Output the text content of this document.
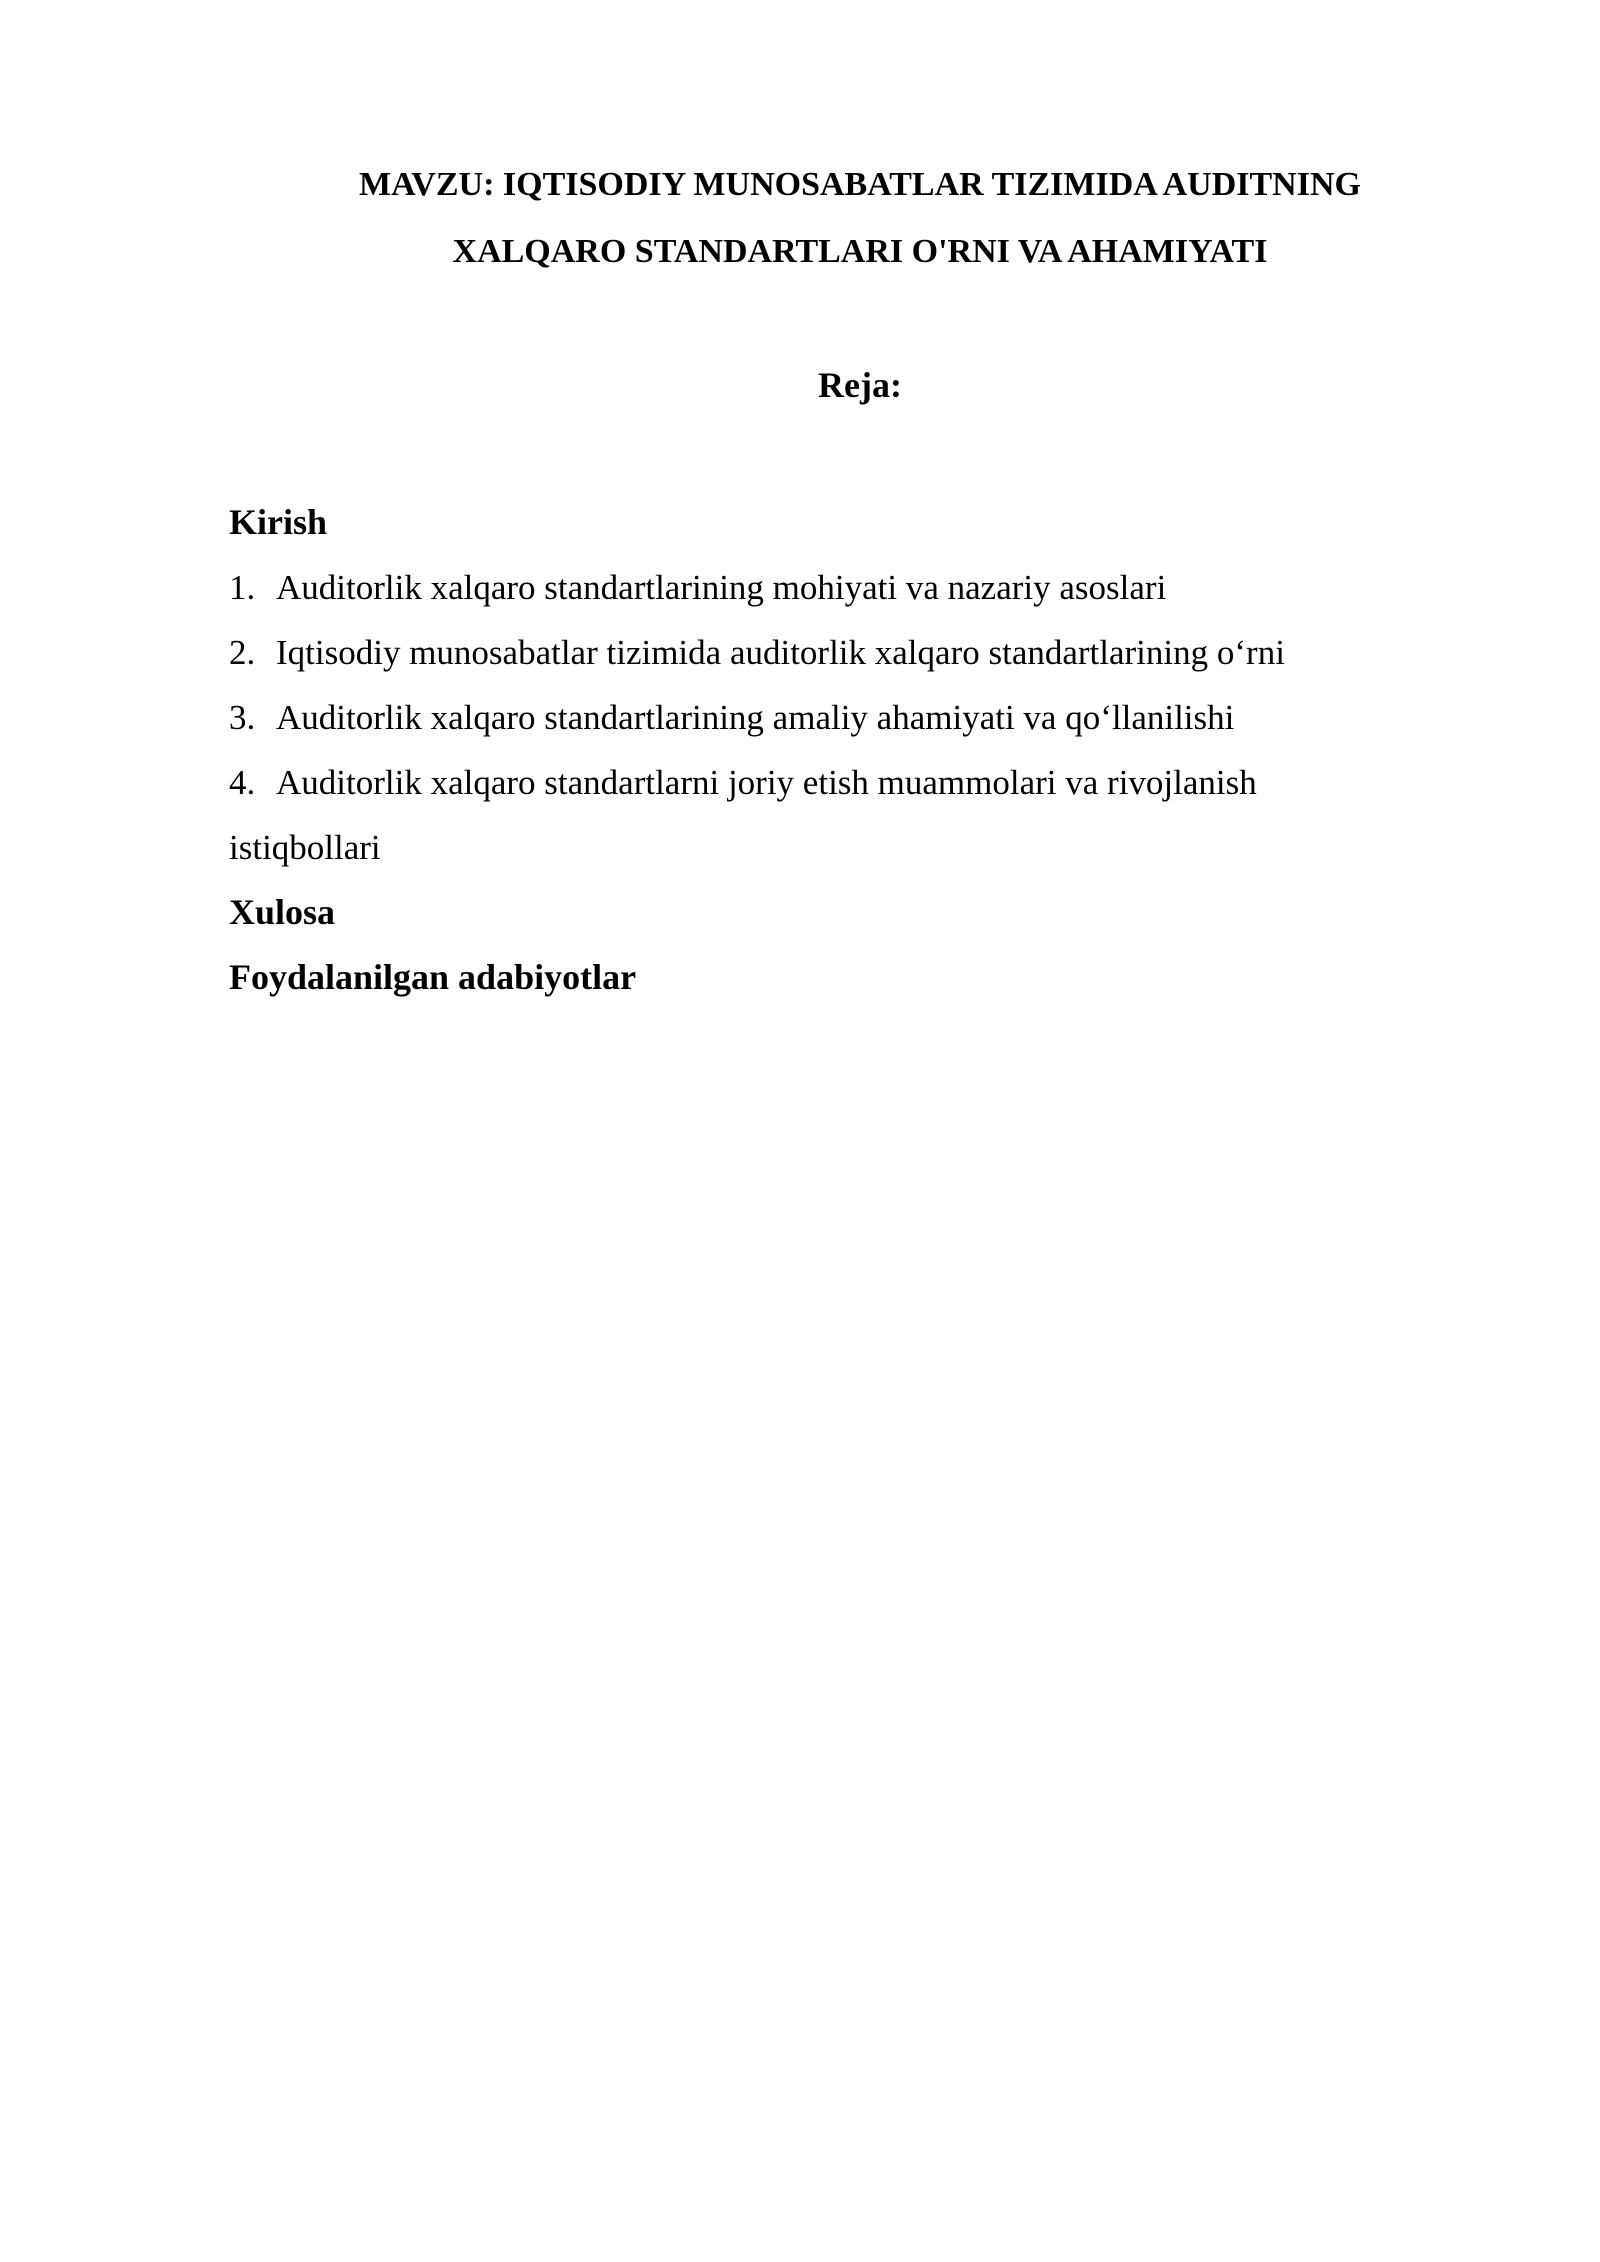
MAVZU: IQTISODIY MUNOSABATLAR TIZIMIDA AUDITNING
XALQARO STANDARTLARI O'RNI VA AHAMIYATI
Reja:
Kirish
1. Auditorlik xalqaro standartlarining mohiyati va nazariy asoslari
2. Iqtisodiy munosabatlar tizimida auditorlik xalqaro standartlarining oʻrni
3. Auditorlik xalqaro standartlarining amaliy ahamiyati va qoʻllanilishi
4. Auditorlik xalqaro standartlarni joriy etish muammolari va rivojlanish
istiqbollari
Xulosa
Foydalanilgan adabiyotlar
